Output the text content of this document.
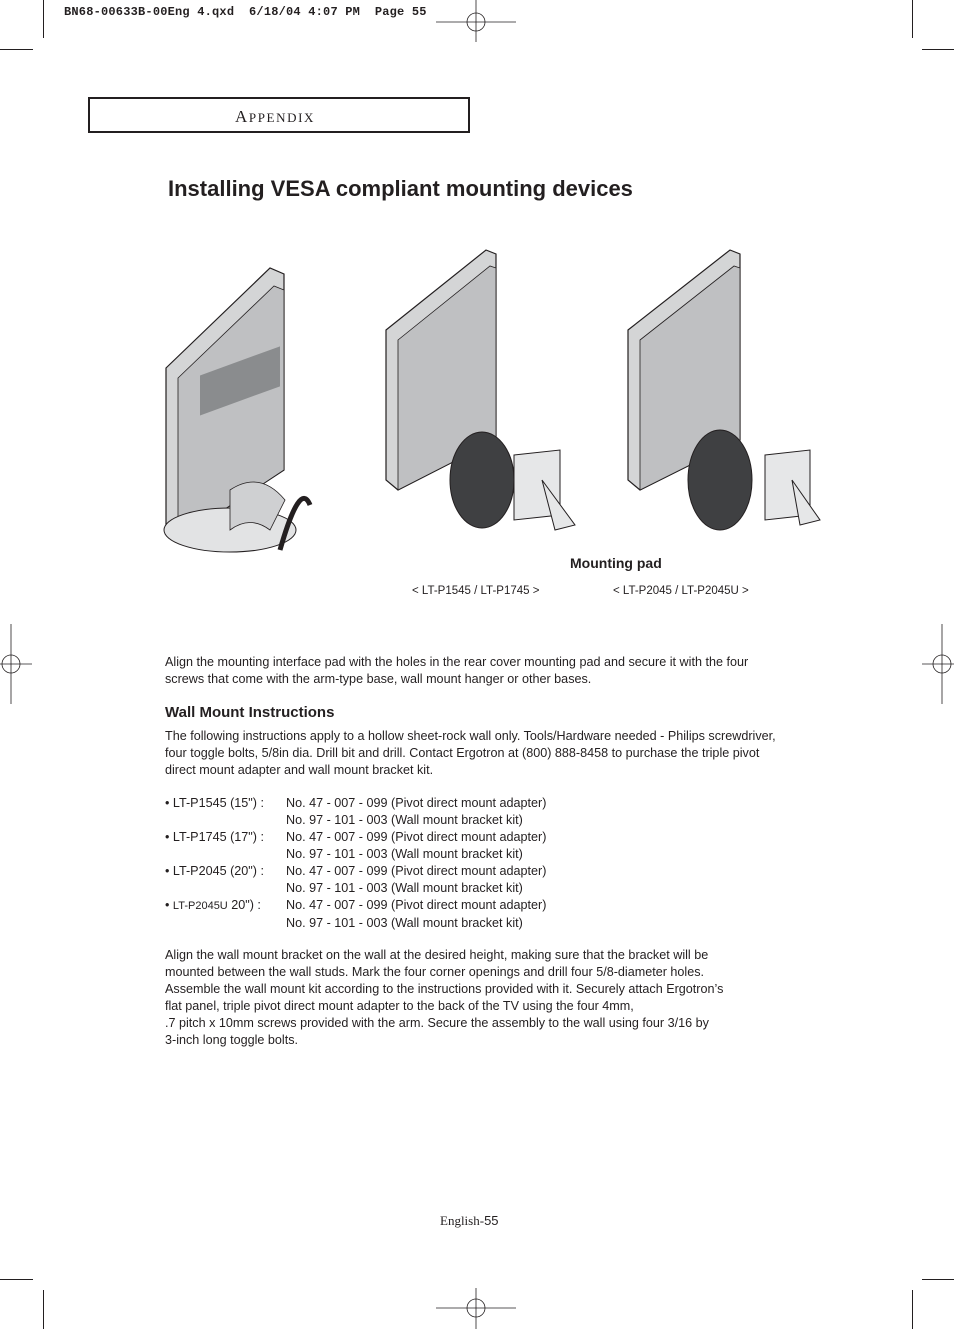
BN68-00633B-00Eng 4.qxd  6/18/04 4:07 PM  Page 55
APPENDIX
Installing VESA compliant mounting devices
Mounting pad
< LT-P1545 / LT-P1745 >	< LT-P2045 / LT-P2045U >
Align the mounting interface pad with the holes in the rear cover mounting pad and secure it with the four screws that come with the arm-type base, wall mount hanger or other bases.
Wall Mount Instructions
The following instructions apply to a hollow sheet-rock wall only. Tools/Hardware needed - Philips screwdriver, four toggle bolts, 5/8in dia. Drill bit and drill. Contact Ergotron at (800) 888-8458 to purchase the triple pivot direct mount adapter and wall mount bracket kit.
• LT-P1545 (15") :	No. 47 - 007 - 099 (Pivot direct mount adapter)
No. 97 - 101 - 003 (Wall mount bracket kit)
• LT-P1745 (17") :	No. 47 - 007 - 099 (Pivot direct mount adapter)
No. 97 - 101 - 003 (Wall mount bracket kit)
• LT-P2045 (20") :	No. 47 - 007 - 099 (Pivot direct mount adapter)
No. 97 - 101 - 003 (Wall mount bracket kit)
• LT-P2045U 20") :	No. 47 - 007 - 099 (Pivot direct mount adapter)
No. 97 - 101 - 003 (Wall mount bracket kit)
Align the wall mount bracket on the wall at the desired height, making sure that the bracket will be
mounted between the wall studs. Mark the four corner openings and drill four 5/8-diameter holes.
Assemble the wall mount kit according to the instructions provided with it. Securely attach Ergotron’s
flat panel, triple pivot direct mount adapter to the back of the TV using the four 4mm,
.7 pitch x 10mm screws provided with the arm. Secure the assembly to the wall using four 3/16 by
3-inch long toggle bolts.
English-55
